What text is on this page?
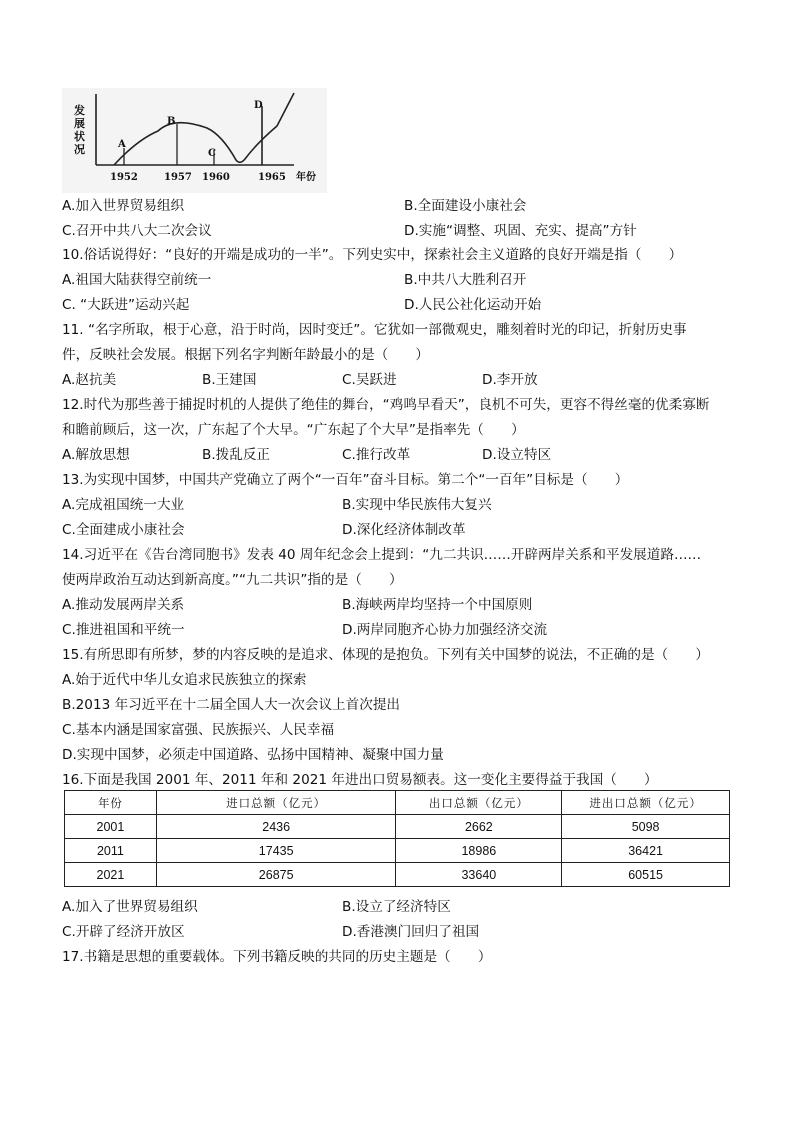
发
展
状
况	A
B
C
D
1952	1957 1960	1965 年份
A.加入世界贸易组织	B.全面建设小康社会
C.召开中共八大二次会议	D.实施“调整、巩固、充实、提高”方针
10.俗话说得好：“良好的开端是成功的一半”。下列史实中，探索社会主义道路的良好开端是指（　　）
A.祖国大陆获得空前统一	B.中共八大胜利召开
C. “大跃进”运动兴起	D.人民公社化运动开始
11. “名字所取，根于心意，沿于时尚，因时变迁”。它犹如一部微观史，雕刻着时光的印记，折射历史事
件，反映社会发展。根据下列名字判断年龄最小的是（　　）
A.赵抗美	B.王建国	C.吴跃进	D.李开放
12.时代为那些善于捕捉时机的人提供了绝佳的舞台，“鸡鸣早看天”，良机不可失，更容不得丝毫的优柔寡断
和瞻前顾后，这一次，广东起了个大早。“广东起了个大早”是指率先（　　）
A.解放思想	B.拨乱反正	C.推行改革	D.设立特区
13.为实现中国梦，中国共产党确立了两个“一百年”奋斗目标。第二个“一百年”目标是（　　）
A.完成祖国统一大业	B.实现中华民族伟大复兴
C.全面建成小康社会	D.深化经济体制改革
14.习近平在《告台湾同胞书》发表 40 周年纪念会上提到：“九二共识……开辟两岸关系和平发展道路……
使两岸政治互动达到新高度。”“九二共识”指的是（　　）
A.推动发展两岸关系	B.海峡两岸均坚持一个中国原则
C.推进祖国和平统一	D.两岸同胞齐心协力加强经济交流
15.有所思即有所梦，梦的内容反映的是追求、体现的是抱负。下列有关中国梦的说法，不正确的是（　　）
A.始于近代中华儿女追求民族独立的探索
B.2013 年习近平在十二届全国人大一次会议上首次提出
C.基本内涵是国家富强、民族振兴、人民幸福
D.实现中国梦，必须走中国道路、弘扬中国精神、凝聚中国力量
16.下面是我国 2001 年、2011 年和 2021 年进出口贸易额表。这一变化主要得益于我国（　　）
年份	进口总额（亿元）	出口总额（亿元）	进出口总额（亿元）
2001	2436	2662	5098
2011	17435	18986	36421
2021	26875	33640	60515
A.加入了世界贸易组织	B.设立了经济特区
C.开辟了经济开放区	D.香港澳门回归了祖国
17.书籍是思想的重要载体。下列书籍反映的共同的历史主题是（　　）
